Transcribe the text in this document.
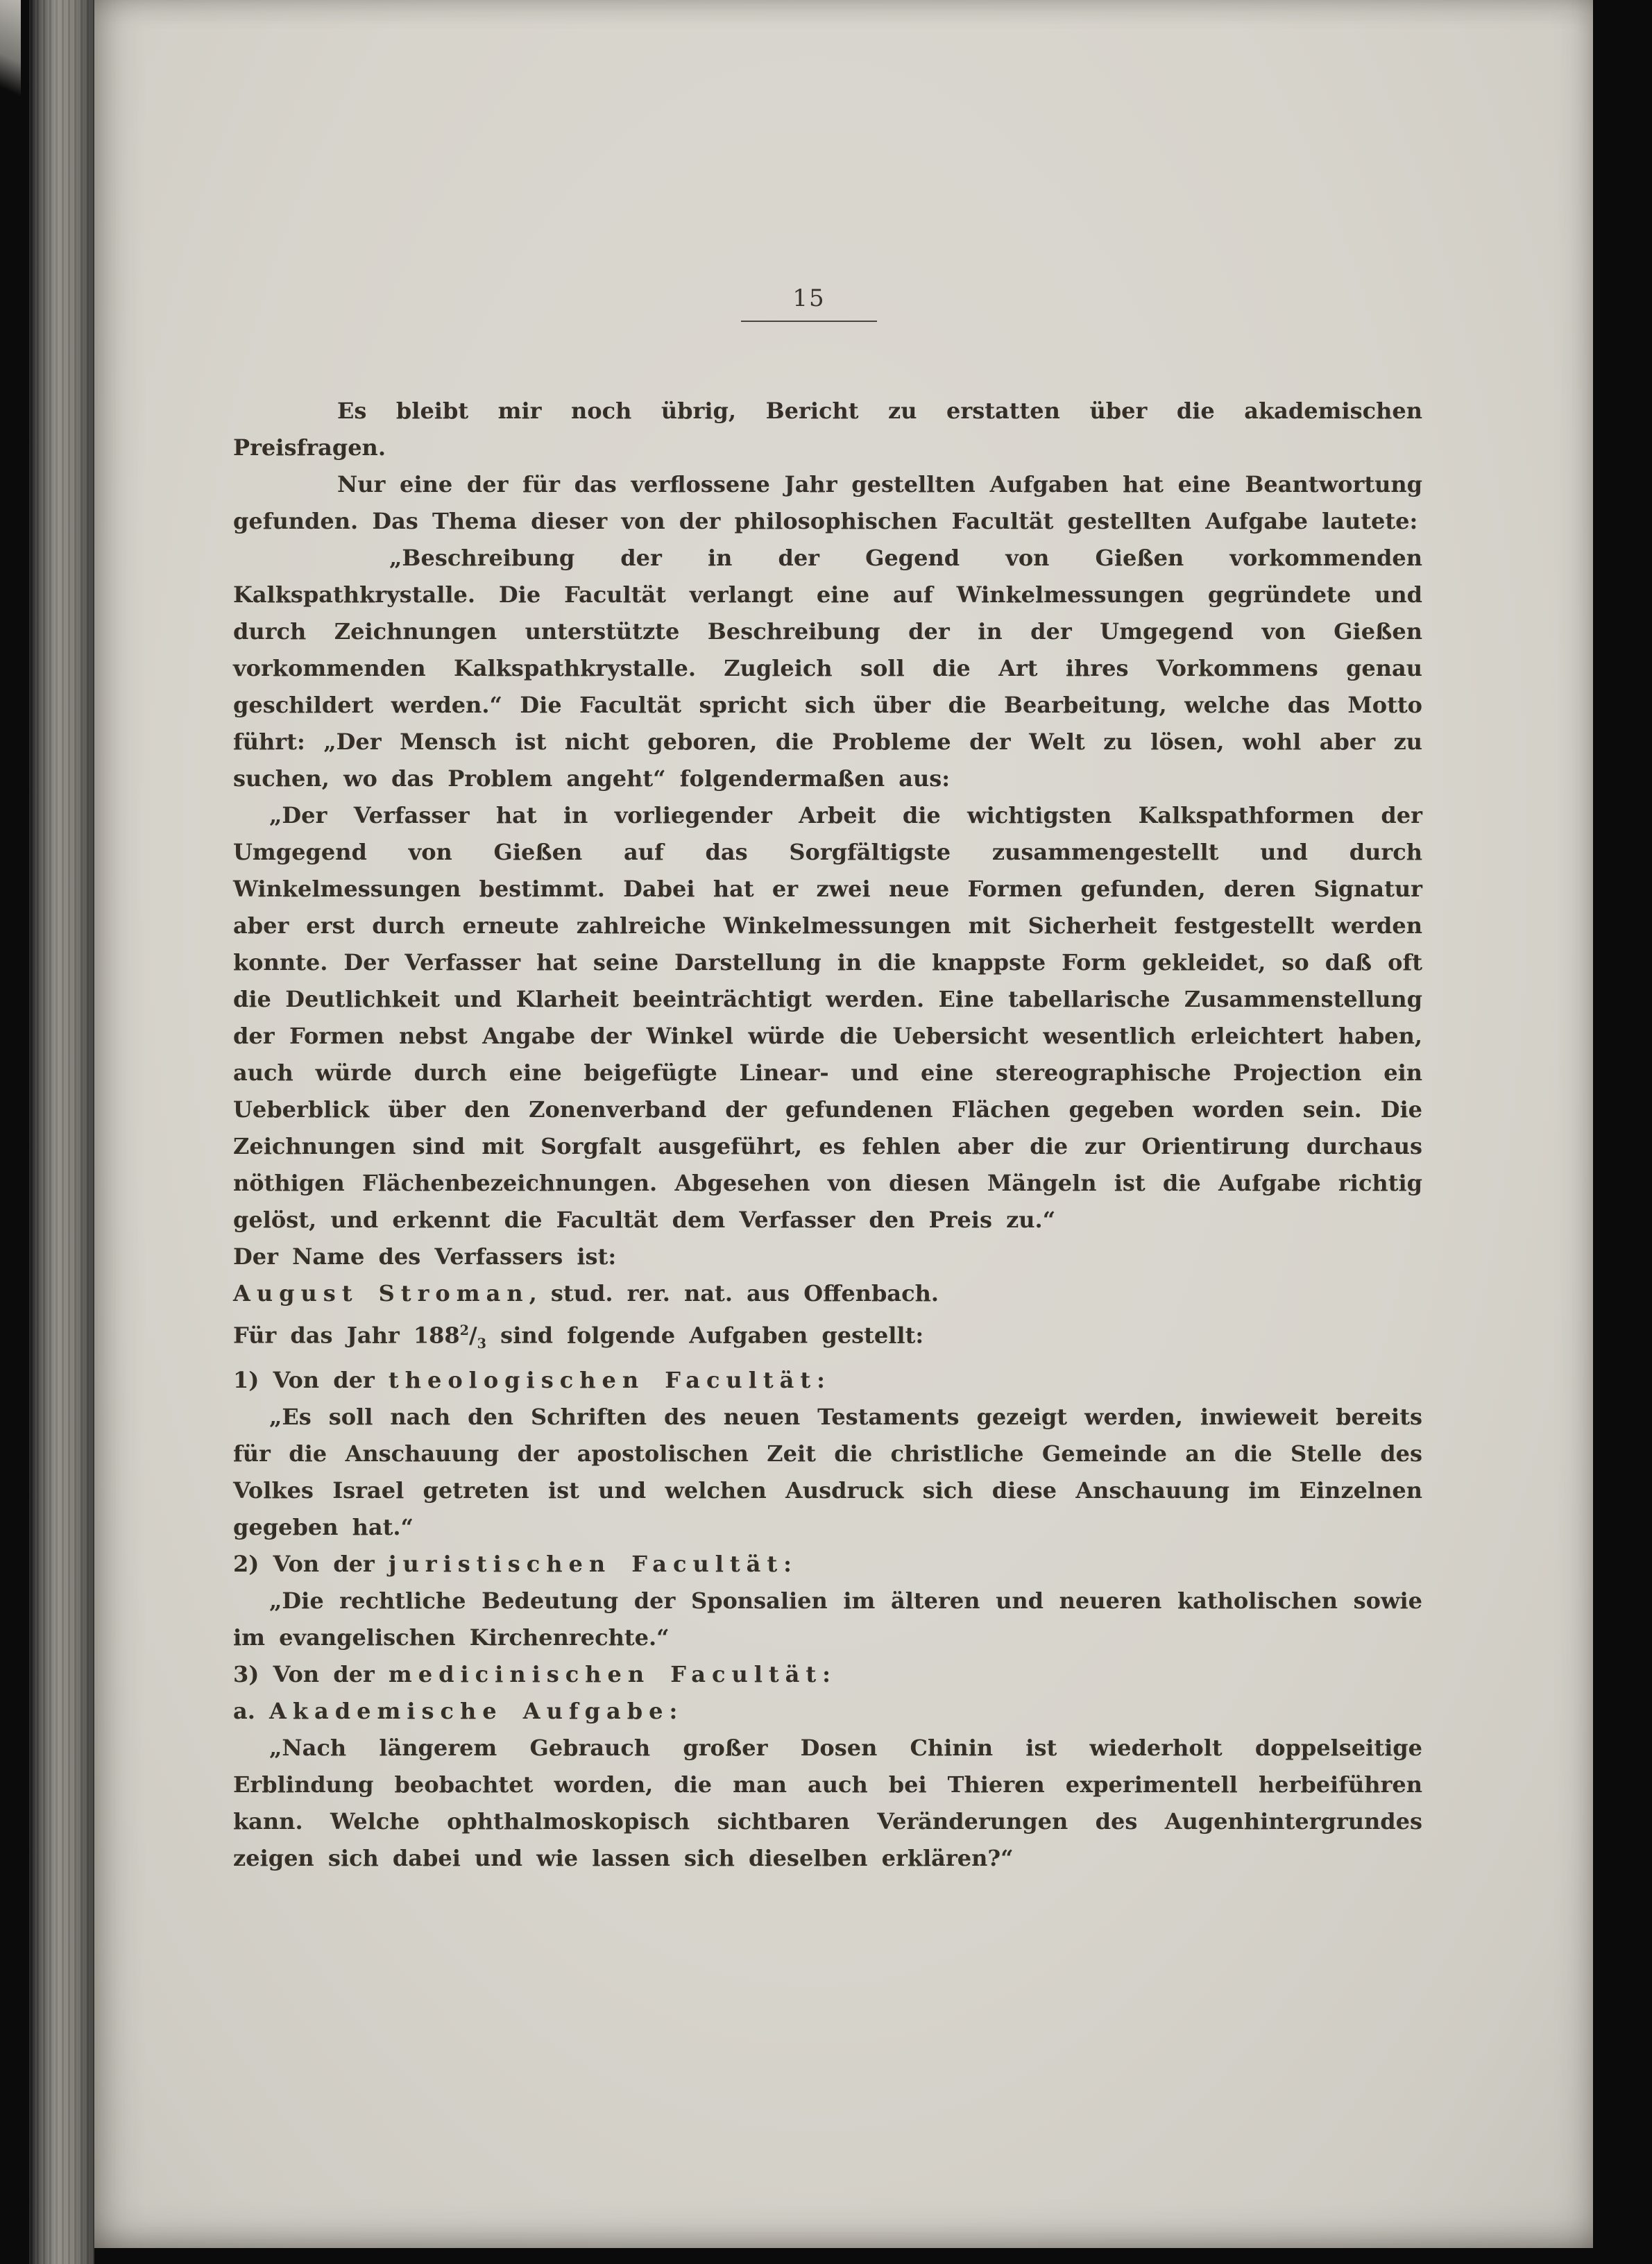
15

Es bleibt mir noch übrig, Bericht zu erstatten über die akademischen Preisfragen.

Nur eine der für das verflossene Jahr gestellten Aufgaben hat eine Beantwortung gefunden. Das Thema dieser von der philosophischen Facultät gestellten Aufgabe lautete:

„Beschreibung der in der Gegend von Gießen vorkommenden Kalkspathkrystalle. Die Facultät verlangt eine auf Winkelmessungen gegründete und durch Zeichnungen unterstützte Beschreibung der in der Umgegend von Gießen vorkommenden Kalkspathkrystalle. Zugleich soll die Art ihres Vorkommens genau geschildert werden.“ Die Facultät spricht sich über die Bearbeitung, welche das Motto führt: „Der Mensch ist nicht geboren, die Probleme der Welt zu lösen, wohl aber zu suchen, wo das Problem angeht“ folgendermaßen aus:

„Der Verfasser hat in vorliegender Arbeit die wichtigsten Kalkspathformen der Umgegend von Gießen auf das Sorgfältigste zusammengestellt und durch Winkelmessungen bestimmt. Dabei hat er zwei neue Formen gefunden, deren Signatur aber erst durch erneute zahlreiche Winkelmessungen mit Sicherheit festgestellt werden konnte. Der Verfasser hat seine Darstellung in die knappste Form gekleidet, so daß oft die Deutlichkeit und Klarheit beeinträchtigt werden. Eine tabellarische Zusammenstellung der Formen nebst Angabe der Winkel würde die Uebersicht wesentlich erleichtert haben, auch würde durch eine beigefügte Linear- und eine stereographische Projection ein Ueberblick über den Zonenverband der gefundenen Flächen gegeben worden sein. Die Zeichnungen sind mit Sorgfalt ausgeführt, es fehlen aber die zur Orientirung durchaus nöthigen Flächenbezeichnungen. Abgesehen von diesen Mängeln ist die Aufgabe richtig gelöst, und erkennt die Facultät dem Verfasser den Preis zu.“

Der Name des Verfassers ist:

August Stroman, stud. rer. nat. aus Offenbach.

Für das Jahr $188^2/_3$ sind folgende Aufgaben gestellt:

1) Von der theologischen Facultät:

„Es soll nach den Schriften des neuen Testaments gezeigt werden, inwieweit bereits für die Anschauung der apostolischen Zeit die christliche Gemeinde an die Stelle des Volkes Israel getreten ist und welchen Ausdruck sich diese Anschauung im Einzelnen gegeben hat.“

2) Von der juristischen Facultät:

„Die rechtliche Bedeutung der Sponsalien im älteren und neueren katholischen sowie im evangelischen Kirchenrechte.“

3) Von der medicinischen Facultät:

a. Akademische Aufgabe:

„Nach längerem Gebrauch großer Dosen Chinin ist wiederholt doppelseitige Erblindung beobachtet worden, die man auch bei Thieren experimentell herbeiführen kann. Welche ophthalmoskopisch sichtbaren Veränderungen des Augenhintergrundes zeigen sich dabei und wie lassen sich dieselben erklären?“
